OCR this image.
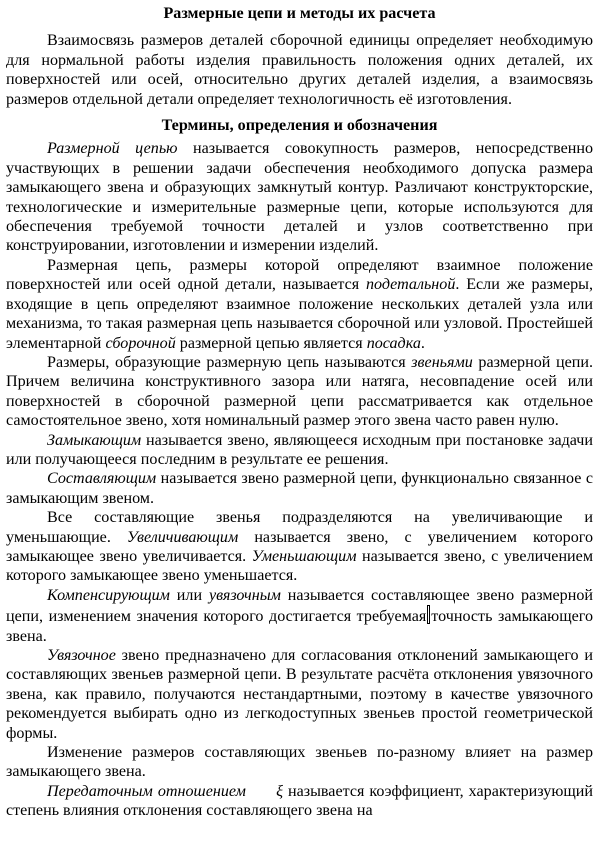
Размерные цепи и методы их расчета

Взаимосвязь размеров деталей сборочной единицы определяет необходимую для нормальной работы изделия правильность положения одних деталей, их поверхностей или осей, относительно других деталей изделия, а взаимосвязь размеров отдельной детали определяет технологичность её изготовления.

Термины, определения и обозначения

Размерной цепью называется совокупность размеров, непосредственно участвующих в решении задачи обеспечения необходимого допуска размера замыкающего звена и образующих замкнутый контур. Различают конструкторские, технологические и измерительные размерные цепи, которые используются для обеспечения требуемой точности деталей и узлов соответственно при конструировании, изготовлении и измерении изделий.

Размерная цепь, размеры которой определяют взаимное положение поверхностей или осей одной детали, называется подетальной. Если же размеры, входящие в цепь определяют взаимное положение нескольких деталей узла или механизма, то такая размерная цепь называется сборочной или узловой. Простейшей элементарной сборочной размерной цепью является посадка.

Размеры, образующие размерную цепь называются звеньями размерной цепи. Причем величина конструктивного зазора или натяга, несовпадение осей или поверхностей в сборочной размерной цепи рассматривается как отдельное самостоятельное звено, хотя номинальный размер этого звена часто равен нулю.

Замыкающим называется звено, являющееся исходным при постановке задачи или получающееся последним в результате ее решения.

Составляющим называется звено размерной цепи, функционально связанное с замыкающим звеном.

Все составляющие звенья подразделяются на увеличивающие и уменьшающие. Увеличивающим называется звено, с увеличением которого замыкающее звено увеличивается. Уменьшающим называется звено, с увеличением которого замыкающее звено уменьшается.

Компенсирующим или увязочным называется составляющее звено размерной цепи, изменением значения которого достигается требуемая точность замыкающего звена.

Увязочное звено предназначено для согласования отклонений замыкающего и составляющих звеньев размерной цепи. В результате расчёта отклонения увязочного звена, как правило, получаются нестандартными, поэтому в качестве увязочного рекомендуется выбирать одно из легкодоступных звеньев простой геометрической формы.

Изменение размеров составляющих звеньев по-разному влияет на размер замыкающего звена.

Передаточным отношением ξ называется коэффициент, характеризующий степень влияния отклонения составляющего звена на
